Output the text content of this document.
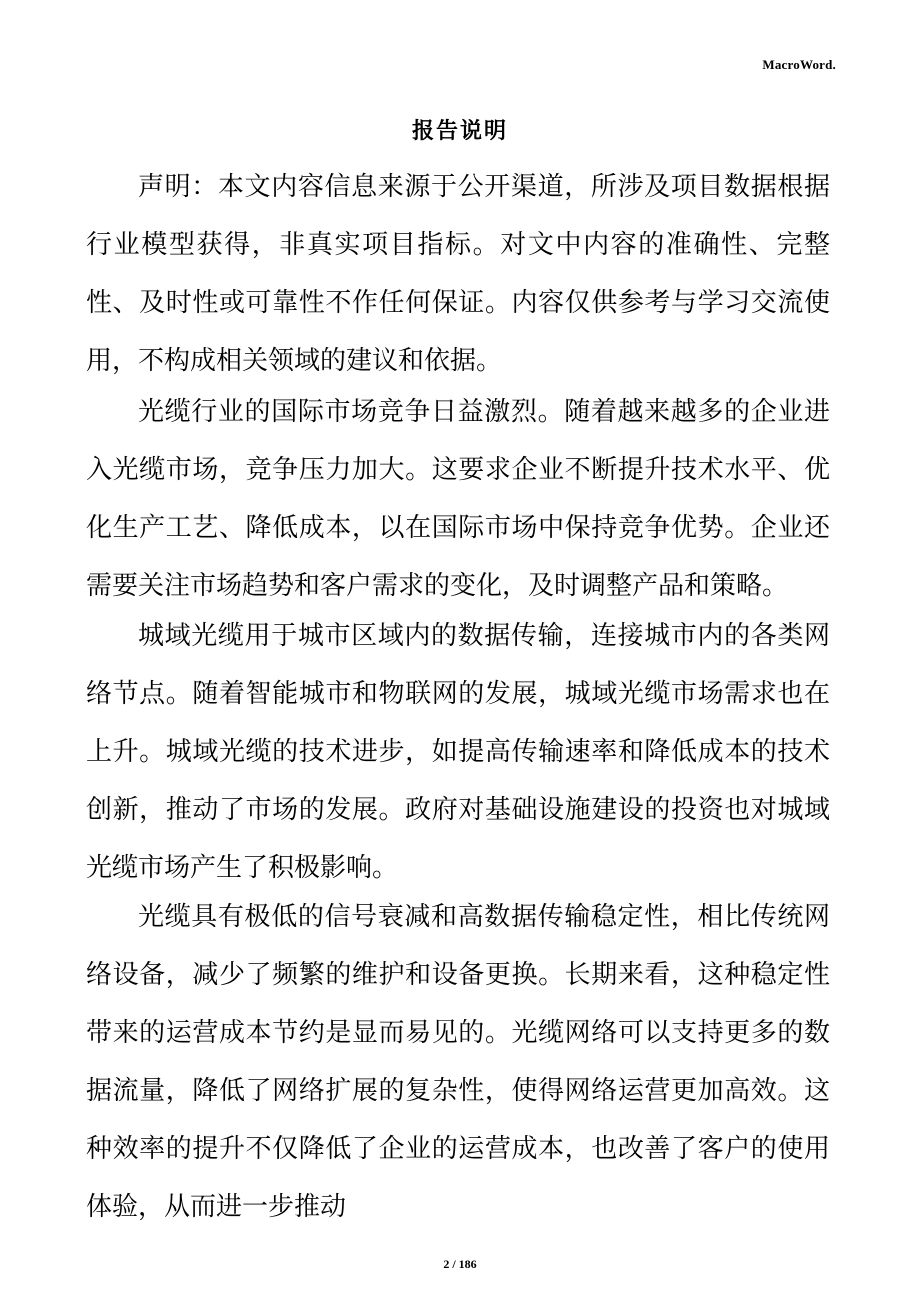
MacroWord.
报告说明

声明：本文内容信息来源于公开渠道，所涉及项目数据根据行业模型获得，非真实项目指标。对文中内容的准确性、完整性、及时性或可靠性不作任何保证。内容仅供参考与学习交流使用，不构成相关领域的建议和依据。

光缆行业的国际市场竞争日益激烈。随着越来越多的企业进入光缆市场，竞争压力加大。这要求企业不断提升技术水平、优化生产工艺、降低成本，以在国际市场中保持竞争优势。企业还需要关注市场趋势和客户需求的变化，及时调整产品和策略。

城域光缆用于城市区域内的数据传输，连接城市内的各类网络节点。随着智能城市和物联网的发展，城域光缆市场需求也在上升。城域光缆的技术进步，如提高传输速率和降低成本的技术创新，推动了市场的发展。政府对基础设施建设的投资也对城域光缆市场产生了积极影响。

光缆具有极低的信号衰减和高数据传输稳定性，相比传统网络设备，减少了频繁的维护和设备更换。长期来看，这种稳定性带来的运营成本节约是显而易见的。光缆网络可以支持更多的数据流量，降低了网络扩展的复杂性，使得网络运营更加高效。这种效率的提升不仅降低了企业的运营成本，也改善了客户的使用体验，从而进一步推动

2 / 186
